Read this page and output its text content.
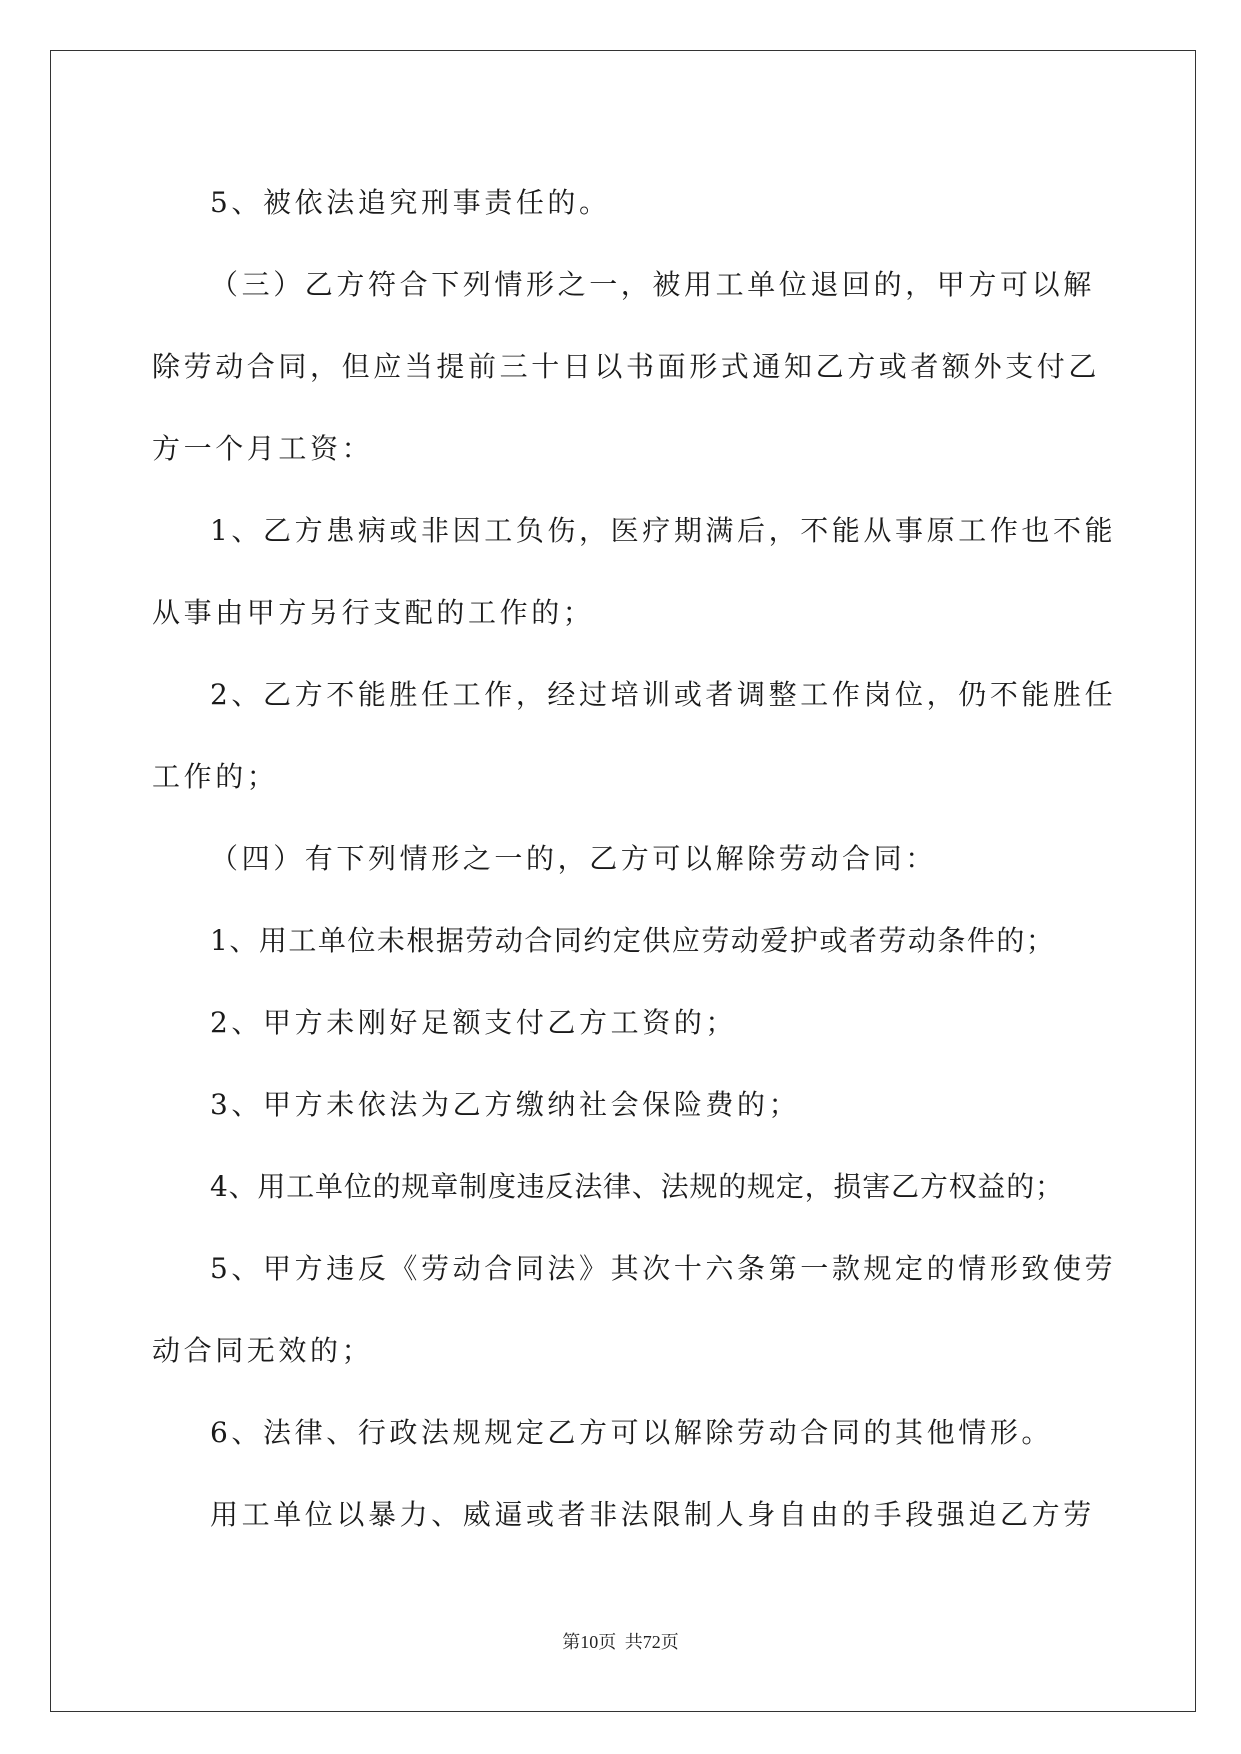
5、被依法追究刑事责任的。
（三）乙方符合下列情形之一，被用工单位退回的，甲方可以解
除劳动合同，但应当提前三十日以书面形式通知乙方或者额外支付乙
方一个月工资：
1、乙方患病或非因工负伤，医疗期满后，不能从事原工作也不能
从事由甲方另行支配的工作的；
2、乙方不能胜任工作，经过培训或者调整工作岗位，仍不能胜任
工作的；
（四）有下列情形之一的，乙方可以解除劳动合同：
1、用工单位未根据劳动合同约定供应劳动爱护或者劳动条件的；
2、甲方未刚好足额支付乙方工资的；
3、甲方未依法为乙方缴纳社会保险费的；
4、用工单位的规章制度违反法律、法规的规定，损害乙方权益的；
5、甲方违反《劳动合同法》其次十六条第一款规定的情形致使劳
动合同无效的；
6、法律、行政法规规定乙方可以解除劳动合同的其他情形。
用工单位以暴力、威逼或者非法限制人身自由的手段强迫乙方劳
第10页 共72页
